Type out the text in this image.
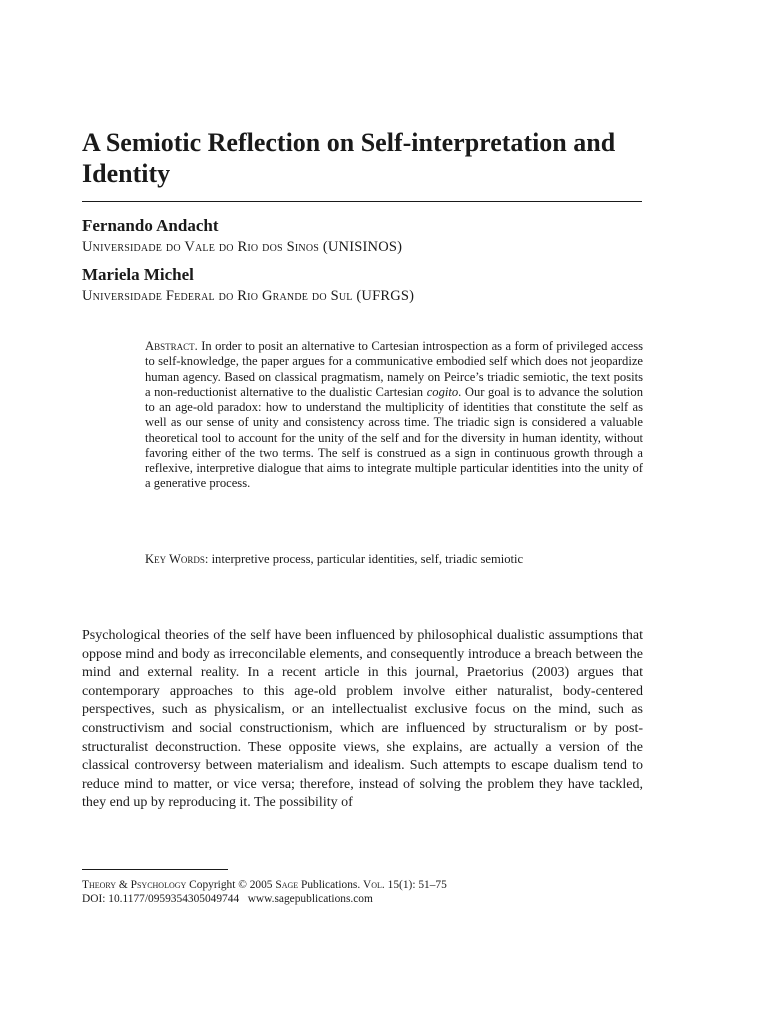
A Semiotic Reflection on Self-interpretation and Identity

Fernando Andacht

Universidade do Vale do Rio dos Sinos (UNISINOS)

Mariela Michel

Universidade Federal do Rio Grande do Sul (UFRGS)

Abstract. In order to posit an alternative to Cartesian introspection as a form of privileged access to self-knowledge, the paper argues for a communicative embodied self which does not jeopardize human agency. Based on classical pragmatism, namely on Peirce’s triadic semiotic, the text posits a non-reductionist alternative to the dualistic Cartesian cogito. Our goal is to advance the solution to an age-old paradox: how to understand the multiplicity of identities that constitute the self as well as our sense of unity and consistency across time. The triadic sign is considered a valuable theoretical tool to account for the unity of the self and for the diversity in human identity, without favoring either of the two terms. The self is construed as a sign in continuous growth through a reflexive, interpretive dialogue that aims to integrate multiple particular identities into the unity of a generative process.

Key Words: interpretive process, particular identities, self, triadic semiotic

Psychological theories of the self have been influenced by philosophical dualistic assumptions that oppose mind and body as irreconcilable elements, and consequently introduce a breach between the mind and external reality. In a recent article in this journal, Praetorius (2003) argues that contemporary approaches to this age-old problem involve either naturalist, body-centered perspectives, such as physicalism, or an intellectualist exclusive focus on the mind, such as constructivism and social constructionism, which are influenced by structuralism or by post-structuralist deconstruction. These opposite views, she explains, are actually a version of the classical controversy between materialism and idealism. Such attempts to escape dualism tend to reduce mind to matter, or vice versa; therefore, instead of solving the problem they have tackled, they end up by reproducing it. The possibility of

Theory & Psychology Copyright © 2005 Sage Publications. Vol. 15(1): 51–75
DOI: 10.1177/0959354305049744 www.sagepublications.com
